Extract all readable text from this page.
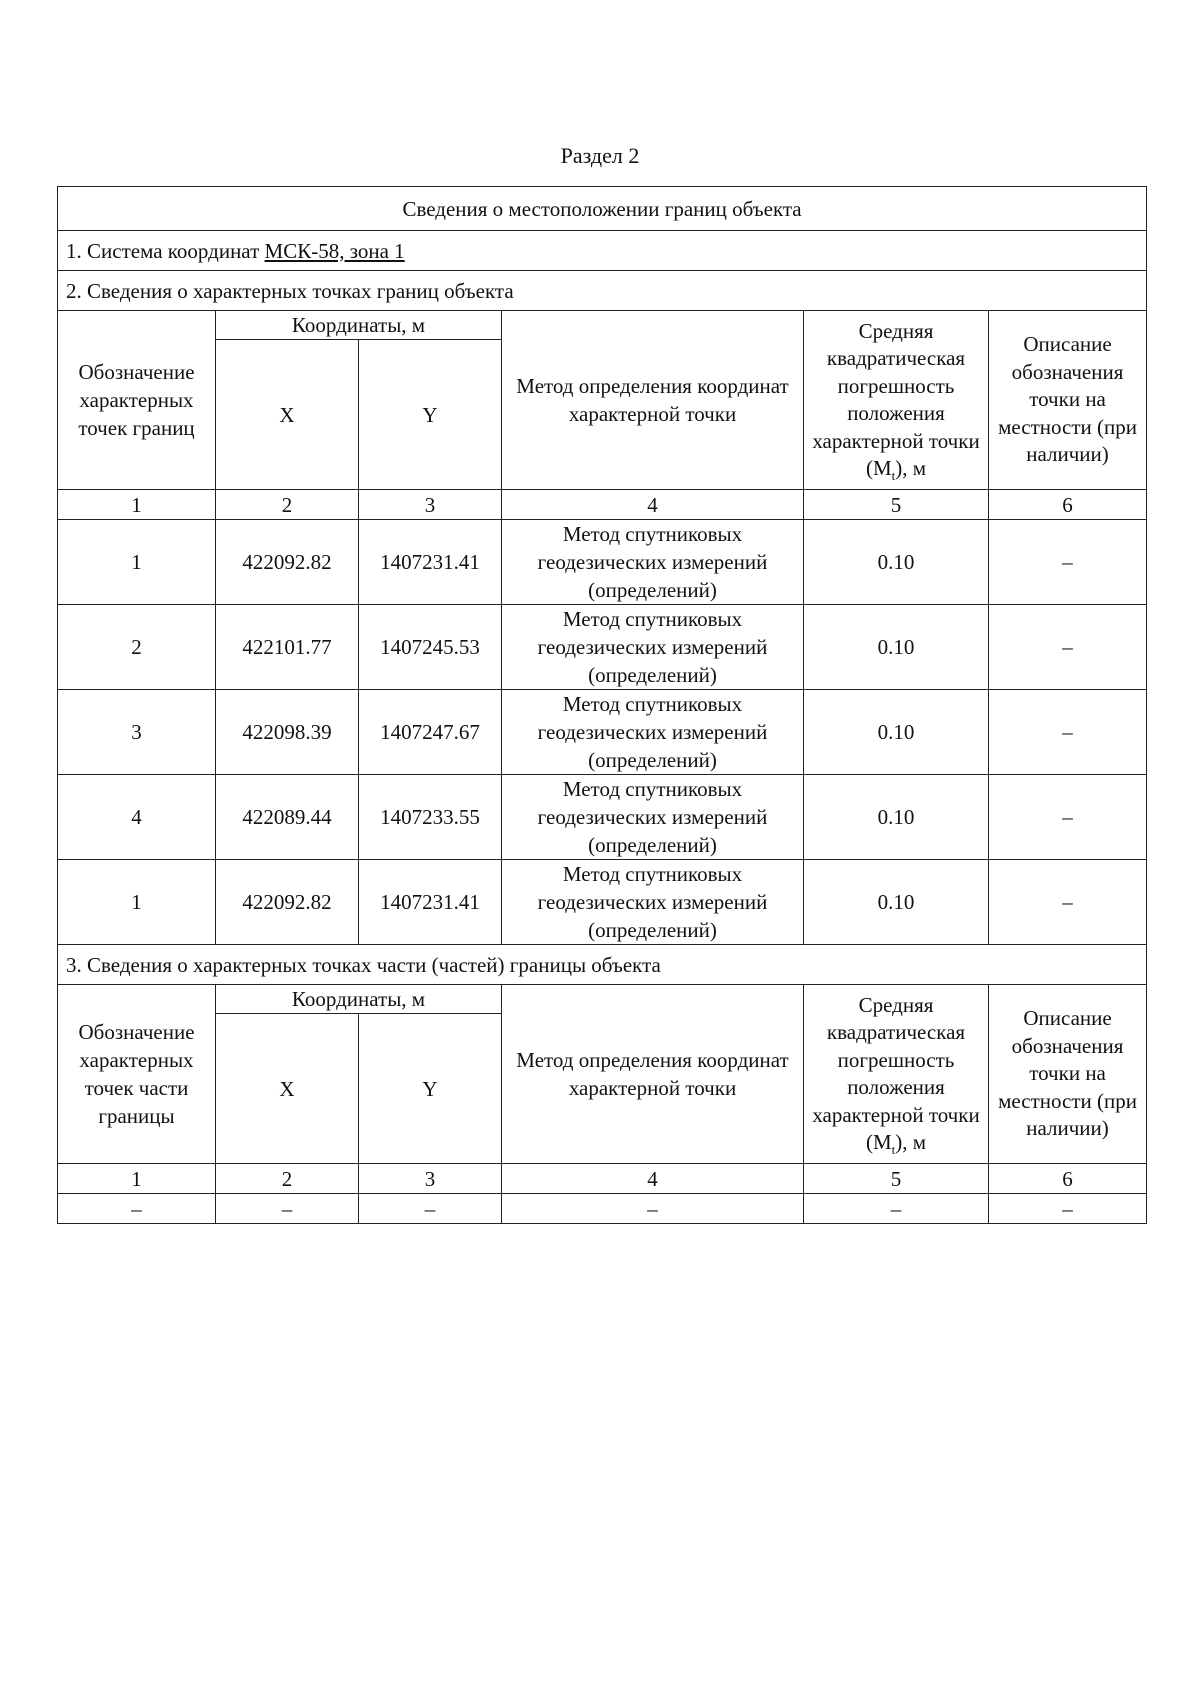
Раздел 2
Сведения о местоположении границ объекта					
1. Система координат МСК-58, зона 1					
2. Сведения о характерных точках границ объекта					
Обозначение характерных точек границ	Координаты, м		Метод определения координат характерной точки	Средняя квадратическая погрешность положения характерной точки $(M_t)$, м	Описание обозначения точки на местности (при наличии)
	X	Y			
1	2	3	4	5	6
1	422092.82	1407231.41	Метод спутниковых геодезических измерений (определений)	0.10	–
2	422101.77	1407245.53	Метод спутниковых геодезических измерений (определений)	0.10	–
3	422098.39	1407247.67	Метод спутниковых геодезических измерений (определений)	0.10	–
4	422089.44	1407233.55	Метод спутниковых геодезических измерений (определений)	0.10	–
1	422092.82	1407231.41	Метод спутниковых геодезических измерений (определений)	0.10	–
3. Сведения о характерных точках части (частей) границы объекта					
Обозначение характерных точек части границы	Координаты, м		Метод определения координат характерной точки	Средняя квадратическая погрешность положения характерной точки $(M_t)$, м	Описание обозначения точки на местности (при наличии)
	X	Y			
1	2	3	4	5	6
–	–	–	–	–	–
